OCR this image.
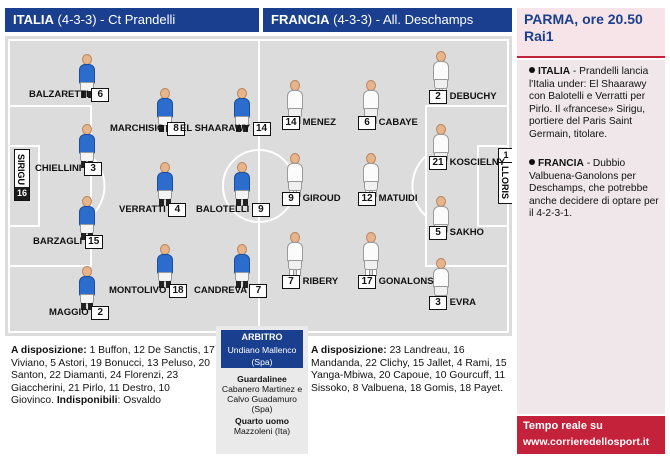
ITALIA (4-3-3) - Ct Prandelli	FRANCIA (4-3-3) - All. Deschamps
SIRIGU
16
1
LLORIS
BALZARETTI 6
CHIELLINI 3
BARZAGLI 15
MAGGIO 2
MARCHISIO 8
VERRATTI 4
MONTOLIVO 18
EL SHAARAWY 14
BALOTELLI 9
CANDREVA 7
14 MENEZ
9 GIROUD
7 RIBERY
6 CABAYE
12 MATUIDI
17 GONALONS
2 DEBUCHY
21 KOSCIELNY
5 SAKHO
3 EVRA
A disposizione: 1 Buffon, 12 De Sanctis, 17 Viviano, 5 Astori, 19 Bonucci, 13 Peluso, 20 Santon, 22 Diamanti, 24 Florenzi, 23 Giaccherini, 21 Pirlo, 11 Destro, 10 Giovinco. Indisponibili: Osvaldo
ARBITRO
Undiano Mallenco (Spa)
Guardalinee
Cabanero Martinez e Calvo Guadamuro (Spa)
Quarto uomo
Mazzoleni (Ita)
A disposizione: 23 Landreau, 16 Mandanda, 22 Clichy, 15 Jallet, 4 Rami, 15 Yanga-Mbiwa, 20 Capoue, 10 Gourcuff, 11 Sissoko, 8 Valbuena, 18 Gomis, 18 Payet.
PARMA, ore 20.50
Rai1
ITALIA - Prandelli lancia l'Italia under: El Shaarawy con Balotelli e Verratti per Pirlo. Il «francese» Sirigu, portiere del Paris Saint Germain, titolare.
FRANCIA - Dubbio Valbuena-Ganolons per Deschamps, che potrebbe anche decidere di optare per il 4-2-3-1.
Tempo reale su
www.corrieredellosport.it
